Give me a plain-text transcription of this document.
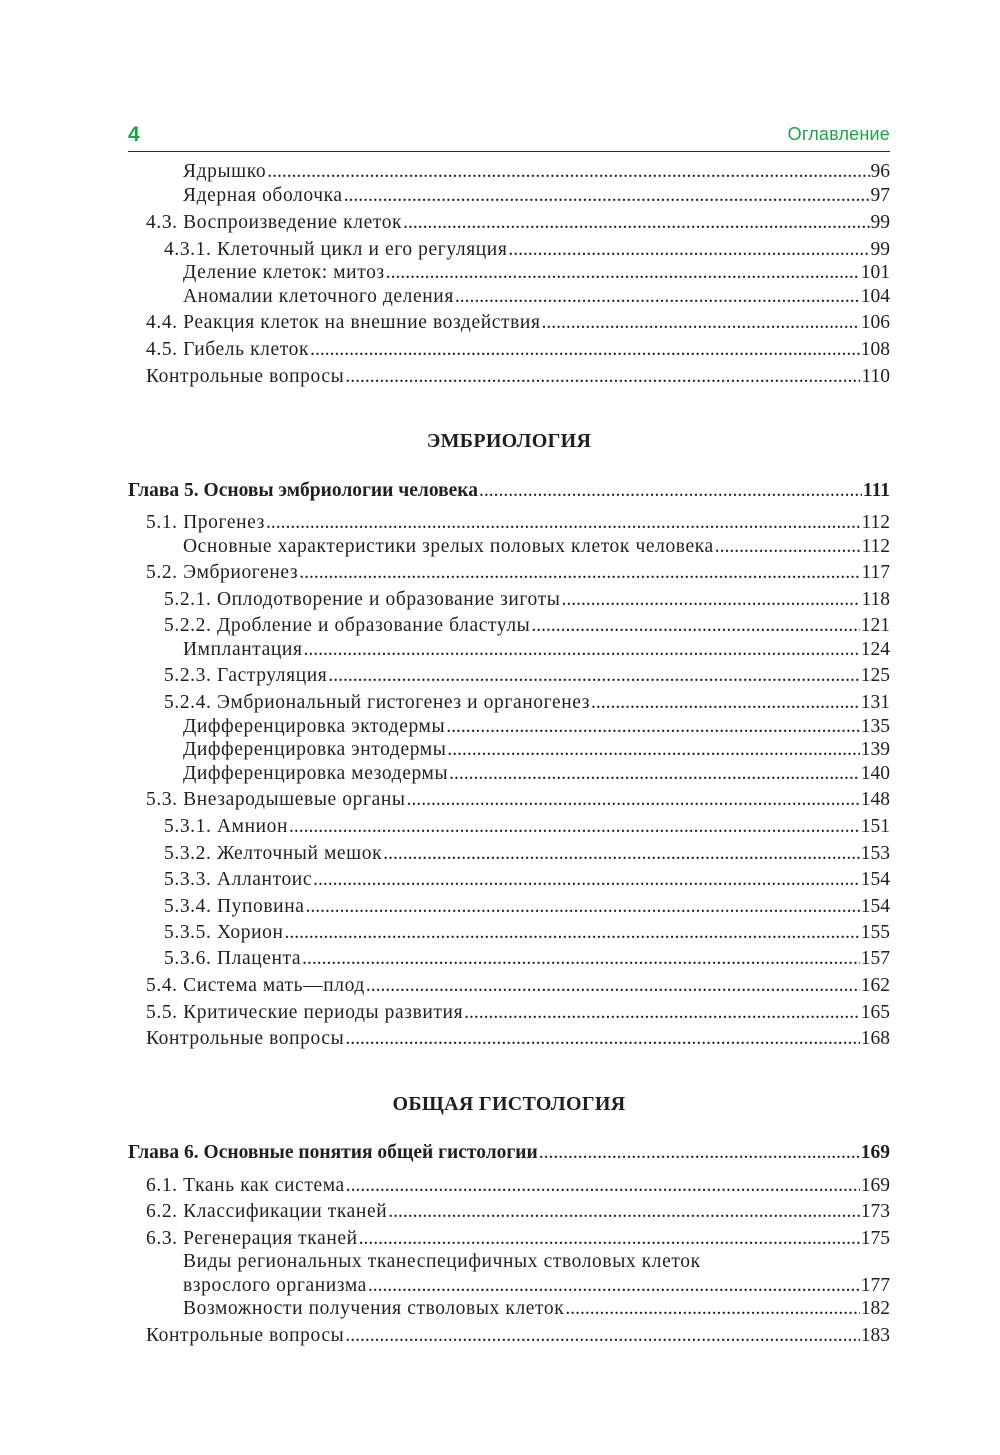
4	Оглавление
Ядрышко .....	96
Ядерная оболочка .....	97
4.3. Воспроизведение клеток .....	99
4.3.1. Клеточный цикл и его регуляция .....	99
Деление клеток: митоз .....	101
Аномалии клеточного деления .....	104
4.4. Реакция клеток на внешние воздействия .....	106
4.5. Гибель клеток .....	108
Контрольные вопросы .....	110
ЭМБРИОЛОГИЯ
Глава 5. Основы эмбриологии человека .....	111
5.1. Прогенез .....	112
Основные характеристики зрелых половых клеток человека .....	112
5.2. Эмбриогенез .....	117
5.2.1. Оплодотворение и образование зиготы .....	118
5.2.2. Дробление и образование бластулы .....	121
Имплантация .....	124
5.2.3. Гаструляция .....	125
5.2.4. Эмбриональный гистогенез и органогенез .....	131
Дифференцировка эктодермы .....	135
Дифференцировка энтодермы .....	139
Дифференцировка мезодермы .....	140
5.3. Внезародышевые органы .....	148
5.3.1. Амнион .....	151
5.3.2. Желточный мешок .....	153
5.3.3. Аллантоис .....	154
5.3.4. Пуповина .....	154
5.3.5. Хорион .....	155
5.3.6. Плацента .....	157
5.4. Система мать—плод .....	162
5.5. Критические периоды развития .....	165
Контрольные вопросы .....	168
ОБЩАЯ ГИСТОЛОГИЯ
Глава 6. Основные понятия общей гистологии .....	169
6.1. Ткань как система .....	169
6.2. Классификации тканей .....	173
6.3. Регенерация тканей .....	175
Виды региональных тканеспецифичных стволовых клеток
взрослого организма .....	177
Возможности получения стволовых клеток .....	182
Контрольные вопросы .....	183
